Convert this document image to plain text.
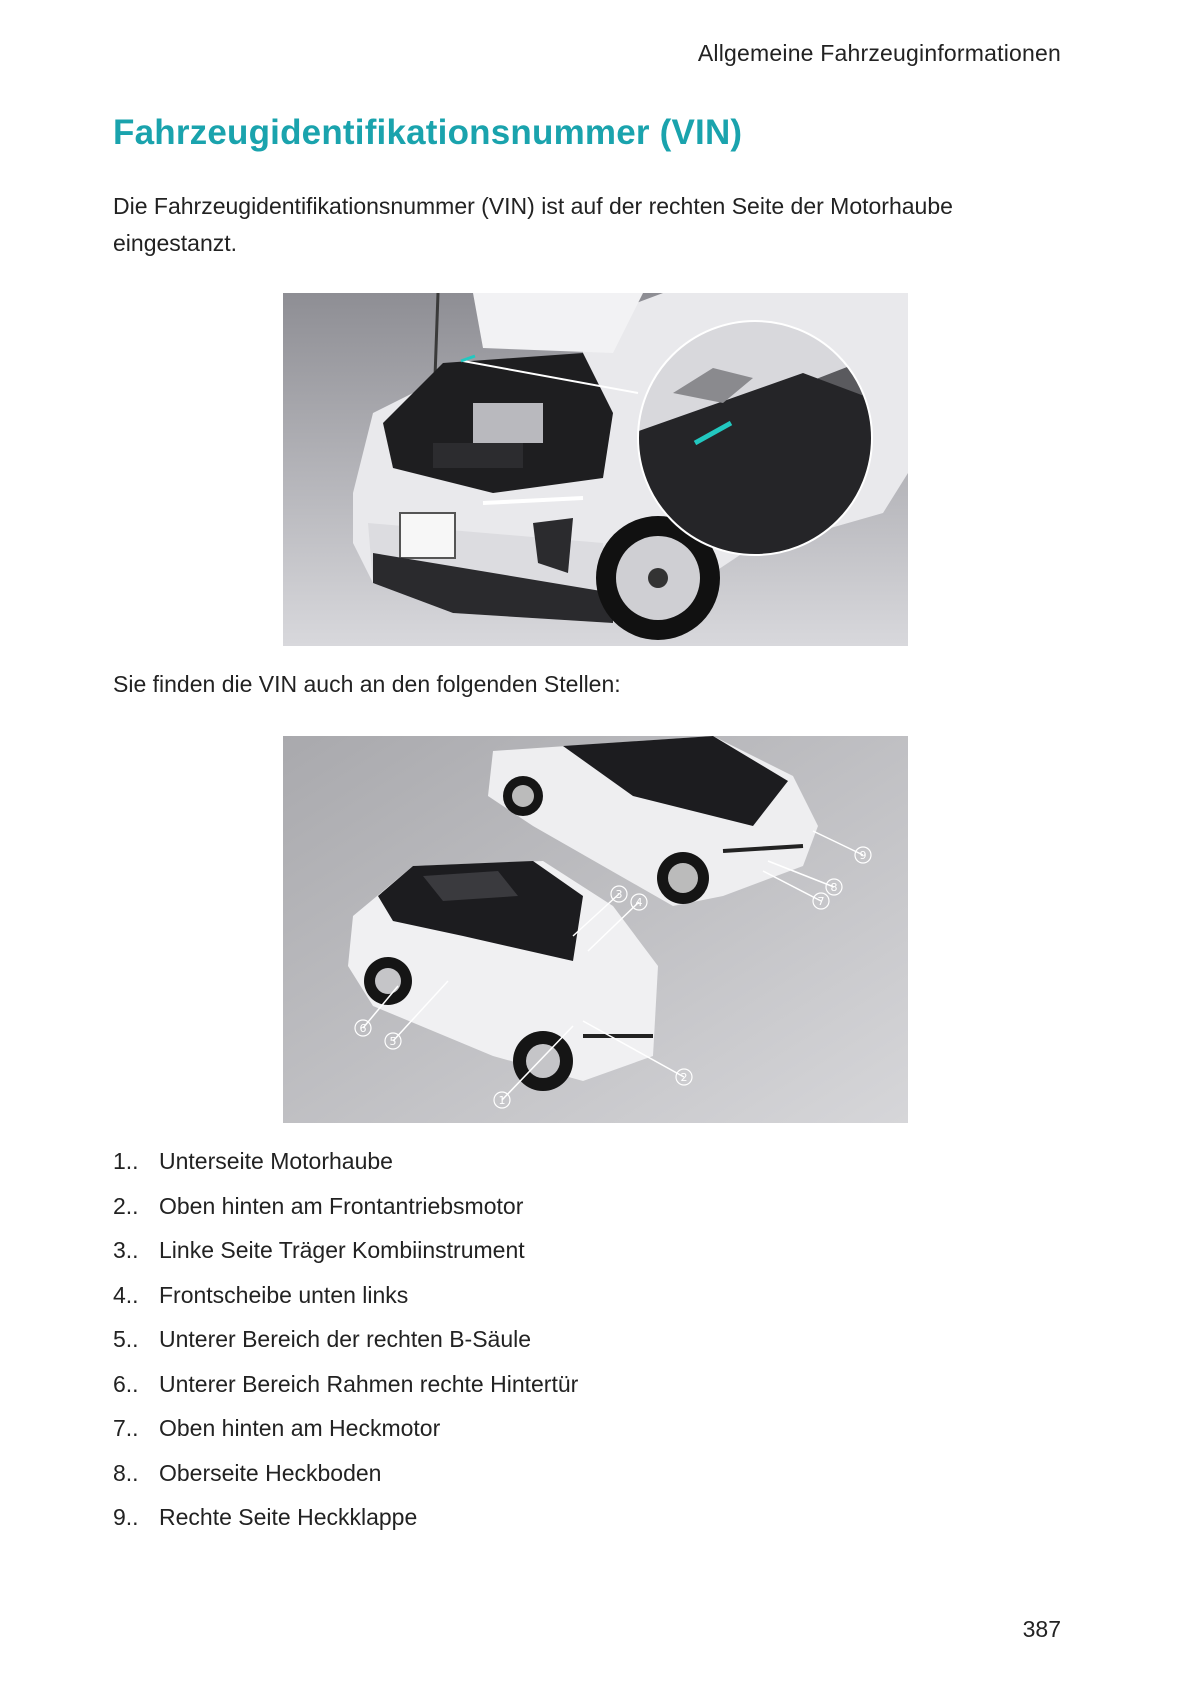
Allgemeine Fahrzeuginformationen
Fahrzeugidentifikationsnummer (VIN)

Die Fahrzeugidentifikationsnummer (VIN) ist auf der rechten Seite der Motorhaube eingestanzt.

Sie finden die VIN auch an den folgenden Stellen:

1
2
3
4
5
6
7
8
9
1.. Unterseite Motorhaube
2.. Oben hinten am Frontantriebsmotor
3.. Linke Seite Träger Kombiinstrument
4.. Frontscheibe unten links
5.. Unterer Bereich der rechten B-Säule
6.. Unterer Bereich Rahmen rechte Hintertür
7.. Oben hinten am Heckmotor
8.. Oberseite Heckboden
9.. Rechte Seite Heckklappe
387
